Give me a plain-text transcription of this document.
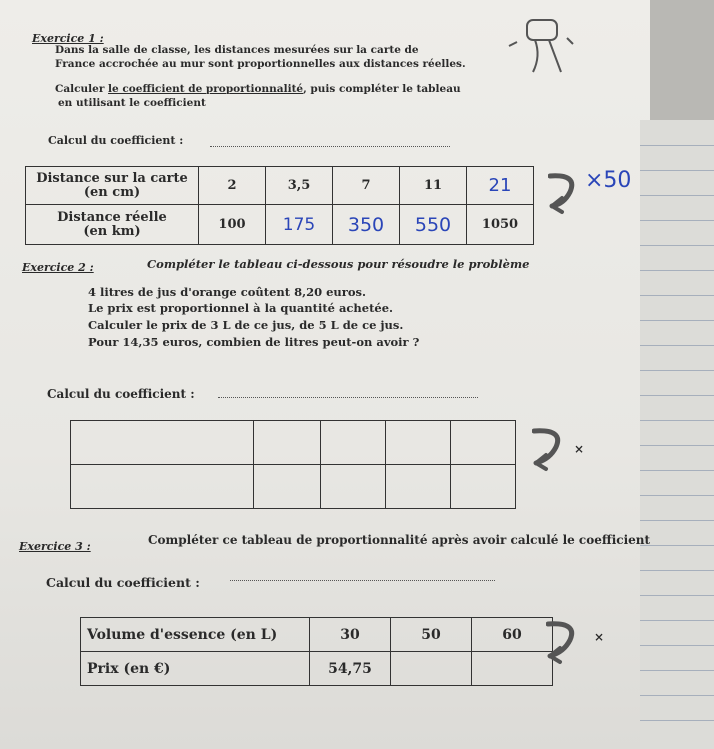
Exercice 1 :
Dans la salle de classe, les distances mesurées sur la carte de
France accrochée au mur sont proportionnelles aux distances réelles.
Calculer le coefficient de proportionnalité, puis compléter le tableau
en utilisant le coefficient
Calcul du coefficient :
Distance sur la carte
(en cm)	2	3,5	7	11	21
Distance réelle
(en km)	100	175	350	550	1050
×50
Exercice 2 :	Compléter le tableau ci-dessous pour résoudre le problème
4 litres de jus d'orange coûtent 8,20 euros.
Le prix est proportionnel à la quantité achetée.
Calculer le prix de 3 L de ce jus, de 5 L de ce jus.
Pour 14,35 euros, combien de litres peut-on avoir ?
Calcul du coefficient :

×
Exercice 3 :	Compléter ce tableau de proportionnalité après avoir calculé le coefficient
Calcul du coefficient :
Volume d'essence (en L)	30	50	60
Prix (en €)	54,75		
×
